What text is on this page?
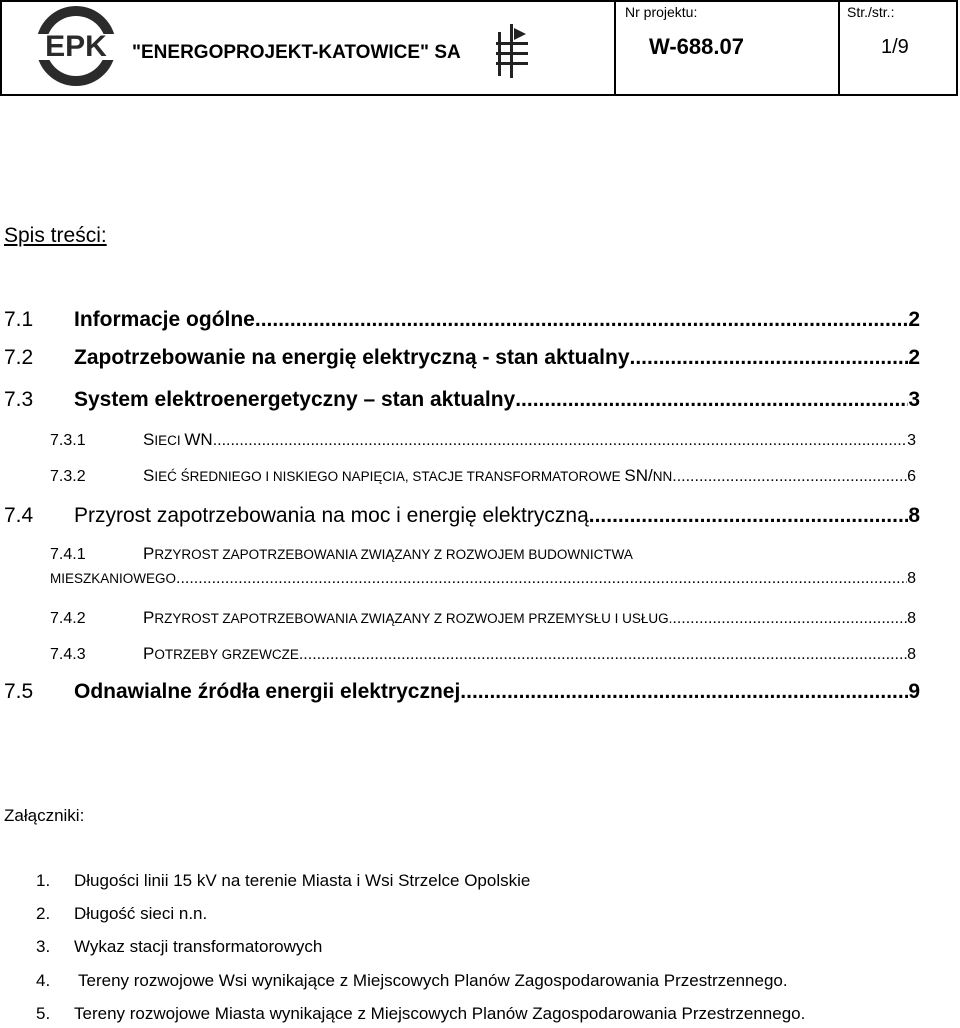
EPK "ENERGOPROJEKT-KATOWICE" SA
Nr projektu:
W-688.07
Str./str.:
1/9
Spis treści:
7.1	Informacje ogólne .....	2
7.2	Zapotrzebowanie na energię elektryczną - stan aktualny .....	2
7.3	System elektroenergetyczny – stan aktualny .....	3
7.3.1	SIECI WN .....	3
7.3.2	SIEĆ ŚREDNIEGO I NISKIEGO NAPIĘCIA, STACJE TRANSFORMATOROWE SN/NN .....	6
7.4	Przyrost zapotrzebowania na moc i energię elektryczną .....	8
7.4.1	PRZYROST ZAPOTRZEBOWANIA ZWIĄZANY Z ROZWOJEM BUDOWNICTWA
MIESZKANIOWEGO .....	8
7.4.2	PRZYROST ZAPOTRZEBOWANIA ZWIĄZANY Z ROZWOJEM PRZEMYSŁU I USŁUG. .....	8
7.4.3	POTRZEBY GRZEWCZE .....	8
7.5	Odnawialne źródła energii elektrycznej .....	9
Załączniki:
1. Długości linii 15 kV na terenie Miasta i Wsi Strzelce Opolskie
2. Długość sieci n.n.
3. Wykaz stacji transformatorowych
4. Tereny rozwojowe Wsi wynikające z Miejscowych Planów Zagospodarowania Przestrzennego.
5. Tereny rozwojowe Miasta wynikające z Miejscowych Planów Zagospodarowania Przestrzennego.
